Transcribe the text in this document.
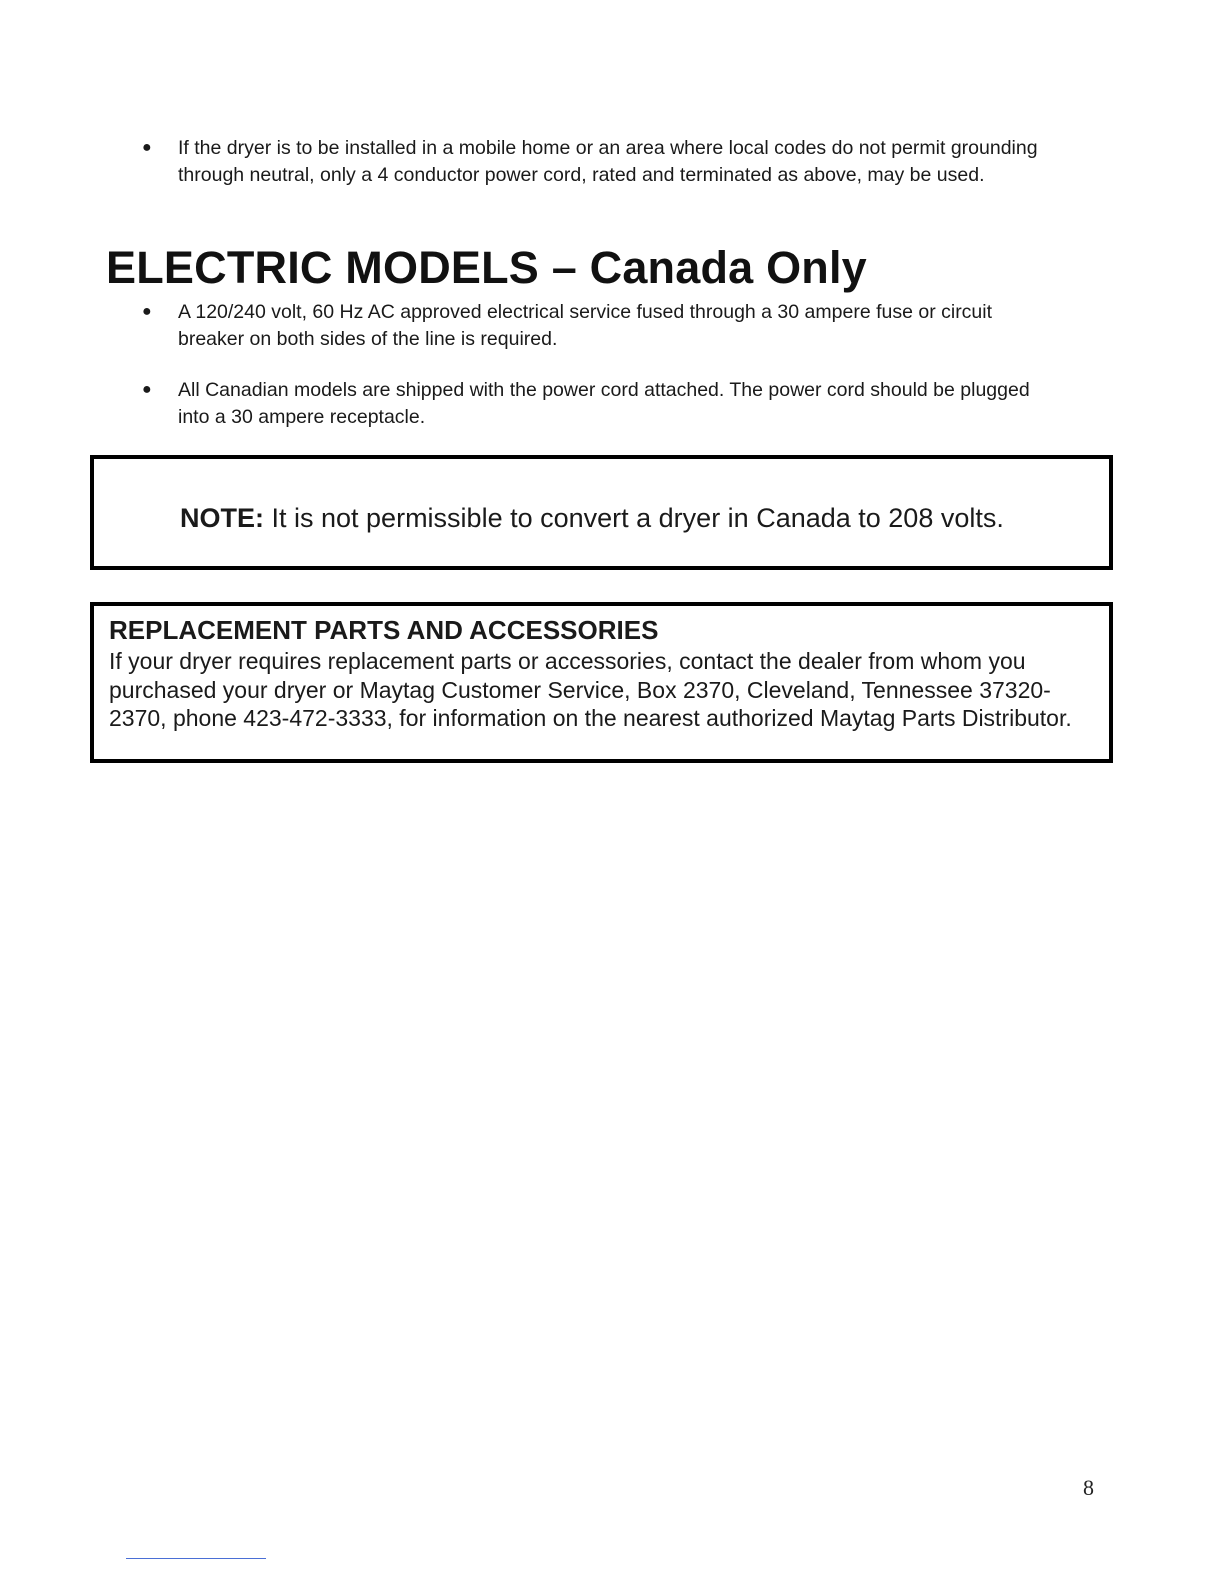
● If the dryer is to be installed in a mobile home or an area where local codes do not permit grounding through neutral, only a 4 conductor power cord, rated and terminated as above, may be used.
ELECTRIC MODELS – Canada Only
● A 120/240 volt, 60 Hz AC approved electrical service fused through a 30 ampere fuse or circuit breaker on both sides of the line is required.
● All Canadian models are shipped with the power cord attached. The power cord should be plugged into a 30 ampere receptacle.
NOTE: It is not permissible to convert a dryer in Canada to 208 volts.
REPLACEMENT PARTS AND ACCESSORIES

If your dryer requires replacement parts or accessories, contact the dealer from whom you purchased your dryer or Maytag Customer Service, Box 2370, Cleveland, Tennessee 37320-2370, phone 423-472-3333, for information on the nearest authorized Maytag Parts Distributor.

8
